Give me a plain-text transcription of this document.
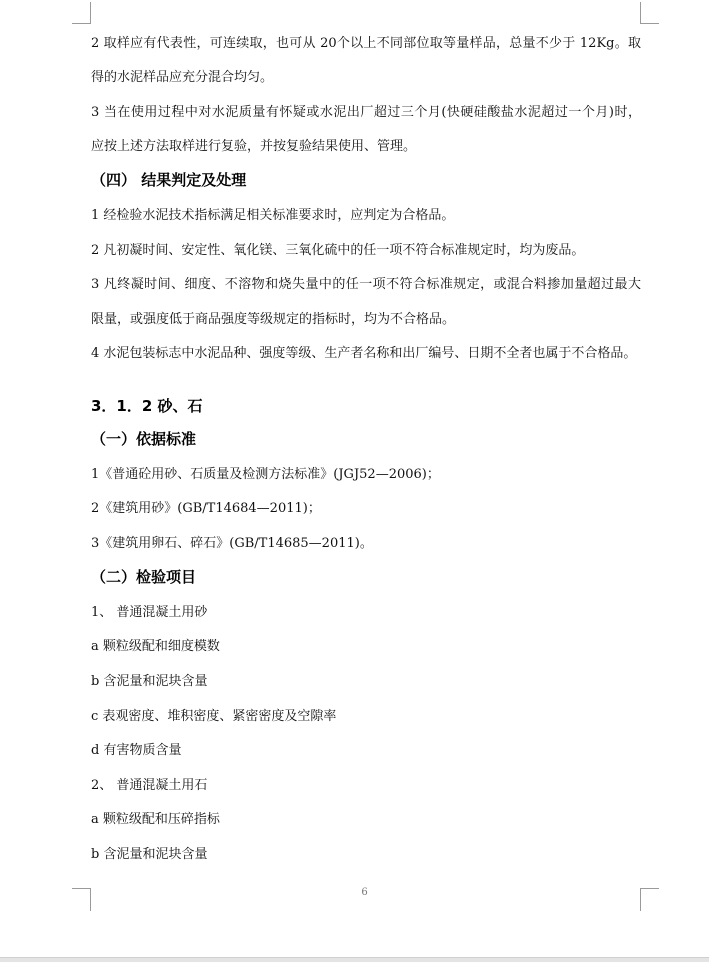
2 取样应有代表性，可连续取，也可从 20个以上不同部位取等量样品，总量不少于 12Kg。取
得的水泥样品应充分混合均匀。
3 当在使用过程中对水泥质量有怀疑或水泥出厂超过三个月(快硬硅酸盐水泥超过一个月)时，
应按上述方法取样进行复验，并按复验结果使用、管理。
（四） 结果判定及处理
1 经检验水泥技术指标满足相关标准要求时，应判定为合格品。
2 凡初凝时间、安定性、氧化镁、三氧化硫中的任一项不符合标准规定时，均为废品。
3 凡终凝时间、细度、不溶物和烧失量中的任一项不符合标准规定，或混合料掺加量超过最大
限量，或强度低于商品强度等级规定的指标时，均为不合格品。
4 水泥包装标志中水泥品种、强度等级、生产者名称和出厂编号、日期不全者也属于不合格品。
3．1．2 砂、石
（一）依据标准
1《普通砼用砂、石质量及检测方法标准》(JGJ52—2006)；
2《建筑用砂》(GB/T14684—2011)；
3《建筑用卵石、碎石》(GB/T14685—2011)。
（二）检验项目
1、 普通混凝土用砂
a 颗粒级配和细度模数
b 含泥量和泥块含量
c 表观密度、堆积密度、紧密密度及空隙率
d 有害物质含量
2、 普通混凝土用石
a 颗粒级配和压碎指标
b 含泥量和泥块含量
6
